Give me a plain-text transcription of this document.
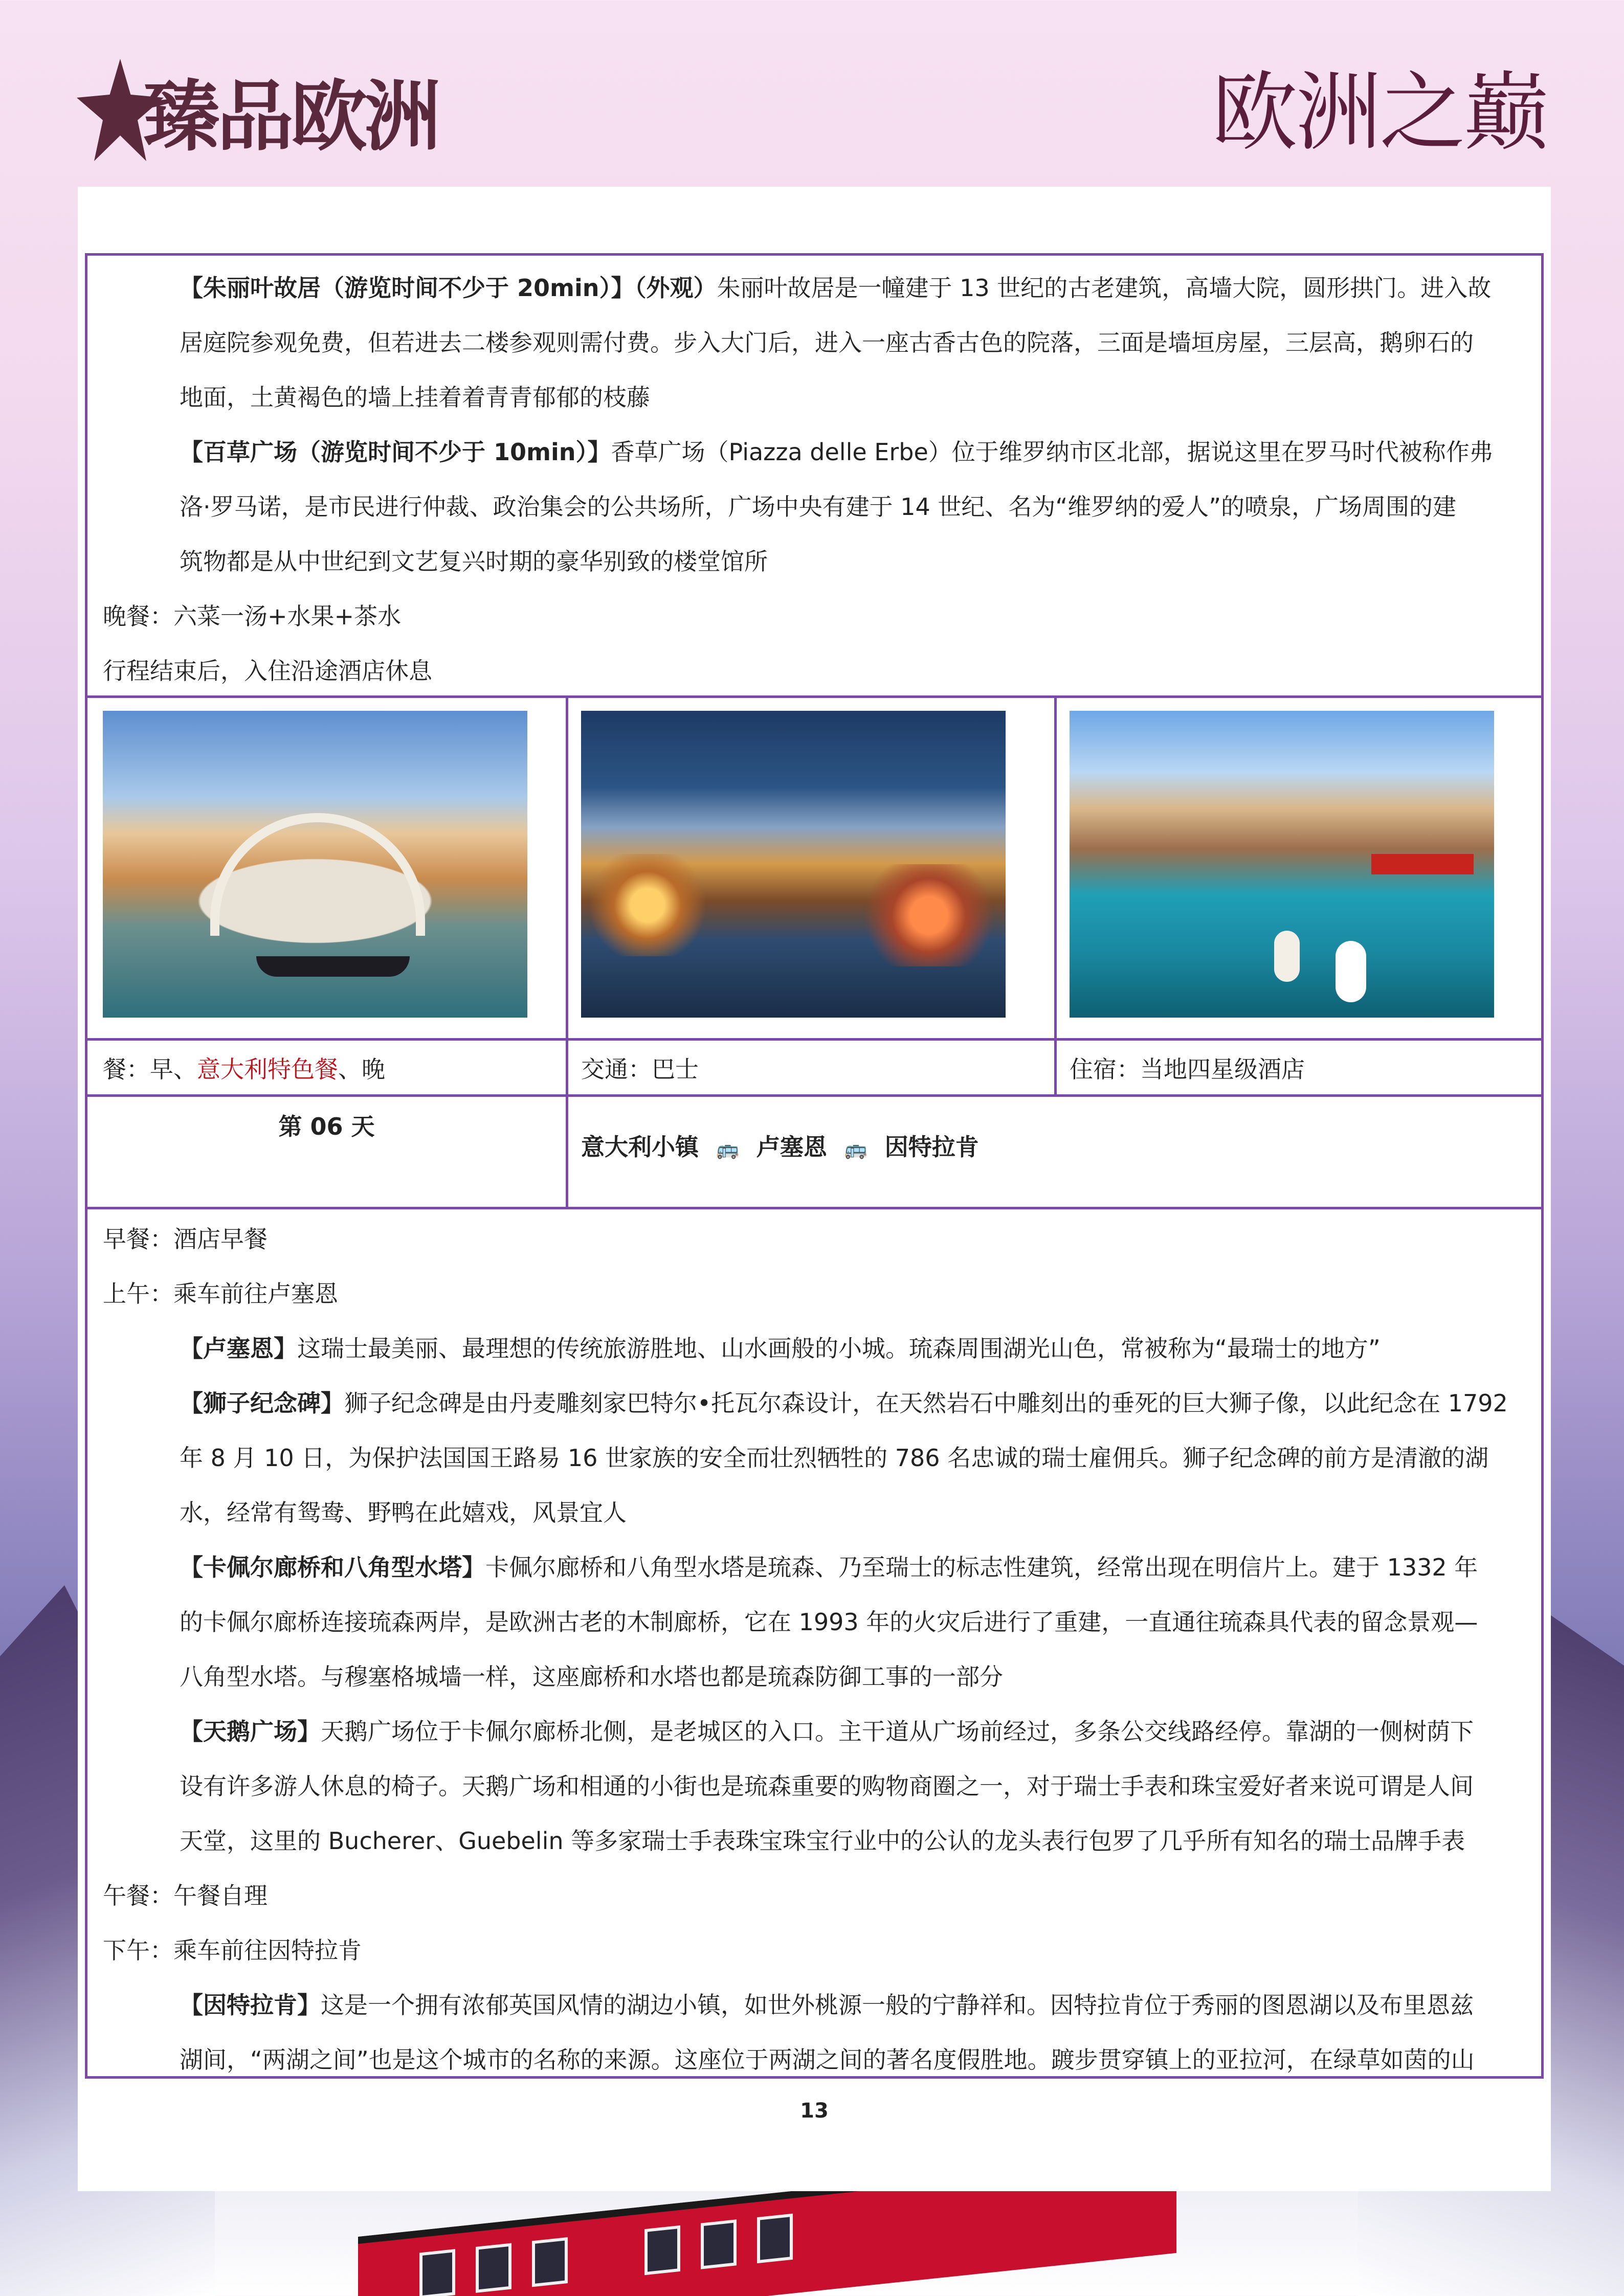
臻品欧洲	欧洲之巅
【朱丽叶故居（游览时间不少于 20min）】（外观）朱丽叶故居是一幢建于 13 世纪的古老建筑，高墙大院，圆形拱门。进入故
居庭院参观免费，但若进去二楼参观则需付费。步入大门后，进入一座古香古色的院落，三面是墙垣房屋，三层高，鹅卵石的
地面，土黄褐色的墙上挂着着青青郁郁的枝藤
【百草广场（游览时间不少于 10min）】香草广场（Piazza delle Erbe）位于维罗纳市区北部，据说这里在罗马时代被称作弗
洛·罗马诺，是市民进行仲裁、政治集会的公共场所，广场中央有建于 14 世纪、名为“维罗纳的爱人”的喷泉，广场周围的建
筑物都是从中世纪到文艺复兴时期的豪华别致的楼堂馆所
晚餐：六菜一汤+水果+茶水
行程结束后，入住沿途酒店休息
餐：早、意大利特色餐、晚	交通：巴士	住宿：当地四星级酒店
第 06 天
意大利小镇 🚌 卢塞恩 🚌 因特拉肯
早餐：酒店早餐
上午：乘车前往卢塞恩
【卢塞恩】这瑞士最美丽、最理想的传统旅游胜地、山水画般的小城。琉森周围湖光山色，常被称为“最瑞士的地方”
【狮子纪念碑】狮子纪念碑是由丹麦雕刻家巴特尔•托瓦尔森设计，在天然岩石中雕刻出的垂死的巨大狮子像，以此纪念在 1792
年 8 月 10 日，为保护法国国王路易 16 世家族的安全而壮烈牺牲的 786 名忠诚的瑞士雇佣兵。狮子纪念碑的前方是清澈的湖
水，经常有鸳鸯、野鸭在此嬉戏，风景宜人
【卡佩尔廊桥和八角型水塔】卡佩尔廊桥和八角型水塔是琉森、乃至瑞士的标志性建筑，经常出现在明信片上。建于 1332 年
的卡佩尔廊桥连接琉森两岸，是欧洲古老的木制廊桥，它在 1993 年的火灾后进行了重建，一直通往琉森具代表的留念景观—
八角型水塔。与穆塞格城墙一样，这座廊桥和水塔也都是琉森防御工事的一部分
【天鹅广场】天鹅广场位于卡佩尔廊桥北侧，是老城区的入口。主干道从广场前经过，多条公交线路经停。靠湖的一侧树荫下
设有许多游人休息的椅子。天鹅广场和相通的小街也是琉森重要的购物商圈之一，对于瑞士手表和珠宝爱好者来说可谓是人间
天堂，这里的 Bucherer、Guebelin 等多家瑞士手表珠宝珠宝行业中的公认的龙头表行包罗了几乎所有知名的瑞士品牌手表
午餐：午餐自理
下午：乘车前往因特拉肯
【因特拉肯】这是一个拥有浓郁英国风情的湖边小镇，如世外桃源一般的宁静祥和。因特拉肯位于秀丽的图恩湖以及布里恩兹
湖间，“两湖之间”也是这个城市的名称的来源。这座位于两湖之间的著名度假胜地。踱步贯穿镇上的亚拉河，在绿草如茵的山
13
